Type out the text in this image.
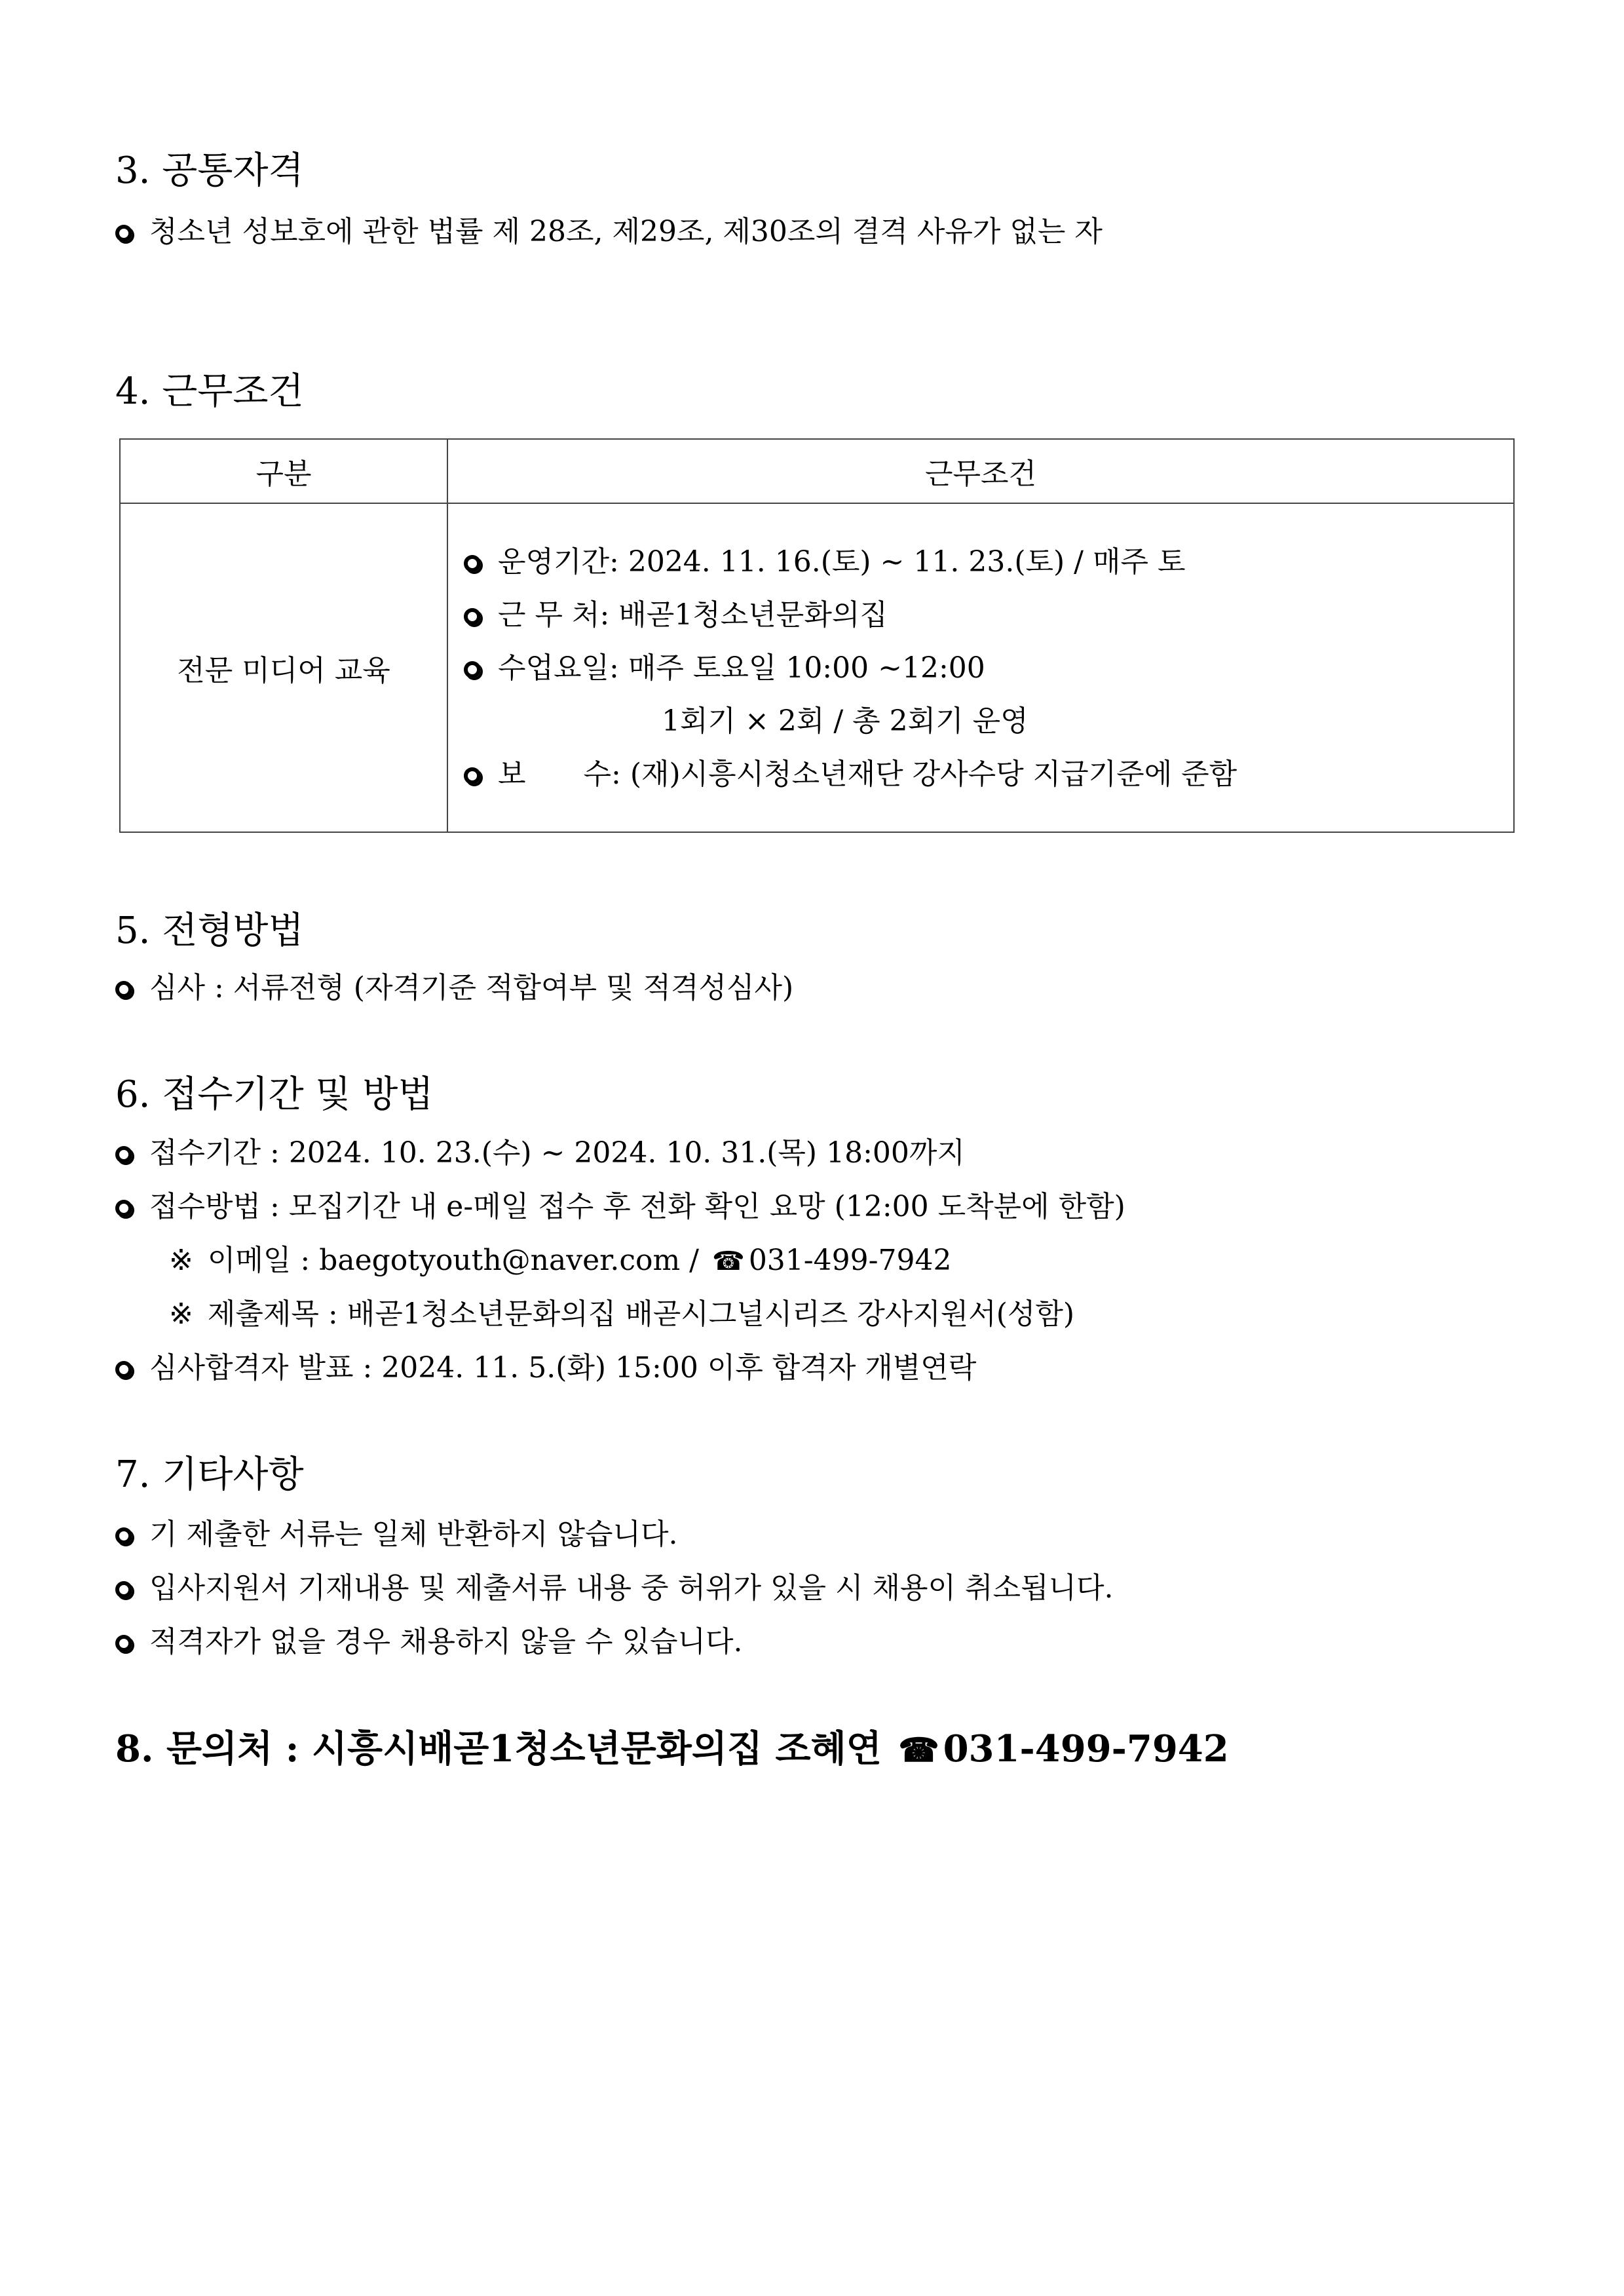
3. 공통자격
청소년 성보호에 관한 법률 제 28조, 제29조, 제30조의 결격 사유가 없는 자
4. 근무조건
구분	근무조건
전문 미디어 교육	운영기간: 2024. 11. 16.(토) ~ 11. 23.(토) / 매주 토
근 무 처: 배곧1청소년문화의집
수업요일: 매주 토요일 10:00 ~12:00
1회기 × 2회 / 총 2회기 운영
보　　수: (재)시흥시청소년재단 강사수당 지급기준에 준함
5. 전형방법
심사 : 서류전형 (자격기준 적합여부 및 적격성심사)
6. 접수기간 및 방법
접수기간 : 2024. 10. 23.(수) ~ 2024. 10. 31.(목) 18:00까지
접수방법 : 모집기간 내 e-메일 접수 후 전화 확인 요망 (12:00 도착분에 한함)
※ 이메일 : baegotyouth@naver.com / ☎ 031-499-7942
※ 제출제목 : 배곧1청소년문화의집 배곧시그널시리즈 강사지원서(성함)
심사합격자 발표 : 2024. 11. 5.(화) 15:00 이후 합격자 개별연락
7. 기타사항
기 제출한 서류는 일체 반환하지 않습니다.
입사지원서 기재내용 및 제출서류 내용 중 허위가 있을 시 채용이 취소됩니다.
적격자가 없을 경우 채용하지 않을 수 있습니다.
8. 문의처 : 시흥시배곧1청소년문화의집 조혜연 ☎ 031-499-7942
